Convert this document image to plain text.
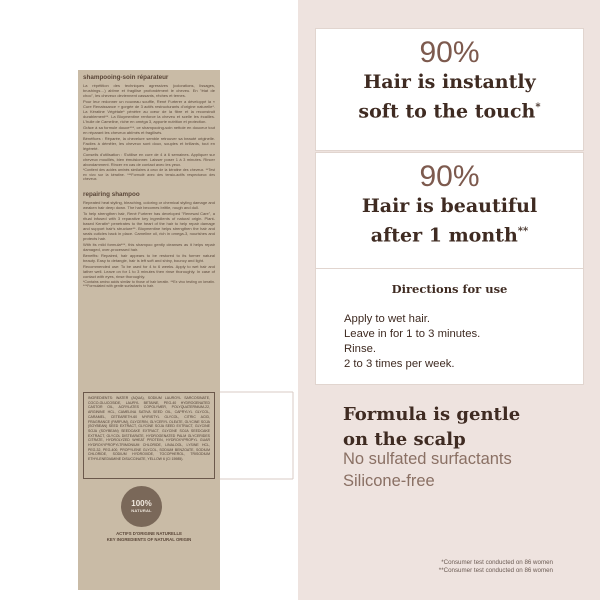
shampooing-soin réparateur

La répétition des techniques agressives (colorations, lissages, brushings…) abîme et fragilise profondément le cheveu. En "état de choc", les cheveux deviennent cassants, rêches et ternes.

Pour leur redonner un nouveau souffle, René Furterer a développé la « Cure Renaissance » gorgée de 3 actifs restructurants d'origine naturelle*. La Kératine Végétale* pénètre au cœur de la fibre et la reconstruit durablement**. La Bioymentine renforce la cheveu et scelle les écailles. L'huile de Cameline, riche en oméga 3, apporte nutrition et protection.

Grâce à sa formule douce***, ce shampooing-soin nettoie en douceur tout en réparant les cheveux abîmés et fragilisés.

Bénéfices : Réparée, la chevelure semble retrouver sa beauté originelle. Faciles à démêler, les cheveux sont doux, souples et brillants, tout en légèreté.

Conseils d'utilisation : S'utilise en cure de 4 à 6 semaines. Appliquer sur cheveux mouillés, bien émulsionner. Laisser poser 1 à 3 minutes. Rincer abondamment. Rincer en cas de contact avec les yeux.

*Contient des acides aminés similaires à ceux de la kératine des cheveux. **Test ex vivo sur la kératine. ***Formulé avec des tensio-actifs respectueux des cheveux.

repairing shampoo

Repeated heat styling, bleaching, coloring or chemical styling damage and weaken hair deep down. The hair becomes brittle, rough and dull.

To help strengthen hair, René Furterer has developed "Renewal Care", a ritual infused with 3 reparative key ingredients of natural origin. Plant-based Keratin* penetrates to the heart of the hair to help repair damage and support hair's structure**. Bioymentine helps strengthen the hair and seals cuticles back in place. Cameline oil, rich in omega-3, nourishes and protects hair.

With its mild formula***, this shampoo gently cleanses as it helps repair damaged, over-processed hair.

Benefits: Repaired, hair appears to be restored to its former natural beauty. Easy to detangle, hair is left soft and shiny, bouncy and light.

Recommended use: To be used for 4 to 6 weeks. Apply to wet hair and lather well. Leave on for 1 to 3 minutes then rinse thoroughly. In case of contact with eyes, rinse thoroughly.

*Contains amino acids similar to those of hair keratin. **Ex vivo testing on keratin. ***Formulated with gentle surfactants to hair.

INGREDIENTS: WATER (AQUA), SODIUM LAUROYL SARCOSINATE, COCO-GLUCOSIDE, LAURYL BETAINE, PEG-40 HYDROGENATED CASTOR OIL, ACRYLATES COPOLYMER, POLYQUATERNIUM-22, ARGININE HCL, CAMELINA SATIVA SEED OIL, CAPRYLYL GLYCOL, CARAMEL, CETEARETH-60 MYRISTYL GLYCOL, CITRIC ACID, FRAGRANCE (PARFUM), GLYCERIN, GLYCERYL OLEATE, GLYCINE SOJA (SOYBEAN) SEED EXTRACT, GLYCINE SOJA SEED EXTRACT, GLYCINE SOJA (SOYBEAN) SEEDCAKE EXTRACT, GLYCINE SOJA SEEDCAKE EXTRACT, GLYCOL DISTEARATE, HYDROGENATED PALM GLYCERIDES CITRATE, HYDROLYZED WHEAT PROTEIN, HYDROXYPROPYL GUAR HYDROXYPROPYLTRIMONIUM CHLORIDE, LINALOOL, LYSINE HCL, PEG-32, PEG-400, PROPYLENE GLYCOL, SODIUM BENZOATE, SODIUM CHLORIDE, SODIUM HYDROXIDE, TOCOPHEROL, TRISODIUM ETHYLENEDIAMINE DISUCCINATE, YELLOW 6 (CI 15985).
100%
NATURAL
ACTIFS D'ORIGINE NATURELLE
KEY INGREDIENTS OF NATURAL ORIGIN
90%
Hair is instantly
soft to the touch*
90%
Hair is beautiful
after 1 month**
Directions for use
Apply to wet hair.
Leave in for 1 to 3 minutes.
Rinse.
2 to 3 times per week.
Formula is gentle
on the scalp
No sulfated surfactants
Silicone-free
*Consumer test conducted on 86 women
**Consumer test conducted on 86 women
